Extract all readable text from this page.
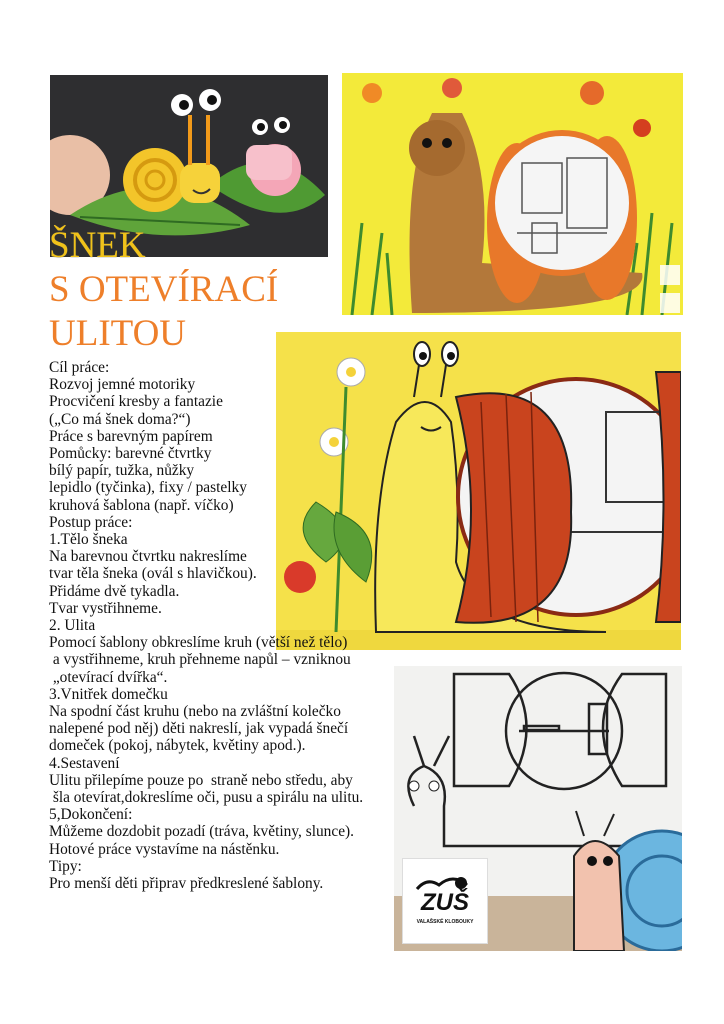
ŠNEK
S OTEVÍRACÍ
ULITOU
Cíl práce:
Rozvoj jemné motoriky
Procvičení kresby a fantazie
(„Co má šnek doma?“)
Práce s barevným papírem
Pomůcky: barevné čtvrtky
bílý papír, tužka, nůžky
lepidlo (tyčinka), fixy / pastelky
kruhová šablona (např. víčko)
Postup práce:
1.Tělo šneka
Na barevnou čtvrtku nakreslíme
tvar těla šneka (ovál s hlavičkou).
Přidáme dvě tykadla.
Tvar vystřihneme.
2. Ulita
Pomocí šablony obkreslíme kruh (větší než tělo)
a vystřihneme, kruh přehneme napůl – vzniknou
„otevírací dvířka“.
3.Vnitřek domečku
Na spodní část kruhu (nebo na zvláštní kolečko
nalepené pod něj) děti nakreslí, jak vypadá šnečí
domeček (pokoj, nábytek, květiny apod.).
4.Sestavení
Ulitu přilepíme pouze po  straně nebo středu, aby
šla otevírat,dokreslíme oči, pusu a spirálu na ulitu.
5,Dokončení:
Můžeme dozdobit pozadí (tráva, květiny, slunce).
Hotové práce vystavíme na nástěnku.
Tipy:
Pro menší děti připrav předkreslené šablony.
ZUŠ
VALAŠSKÉ KLOBOUKY
